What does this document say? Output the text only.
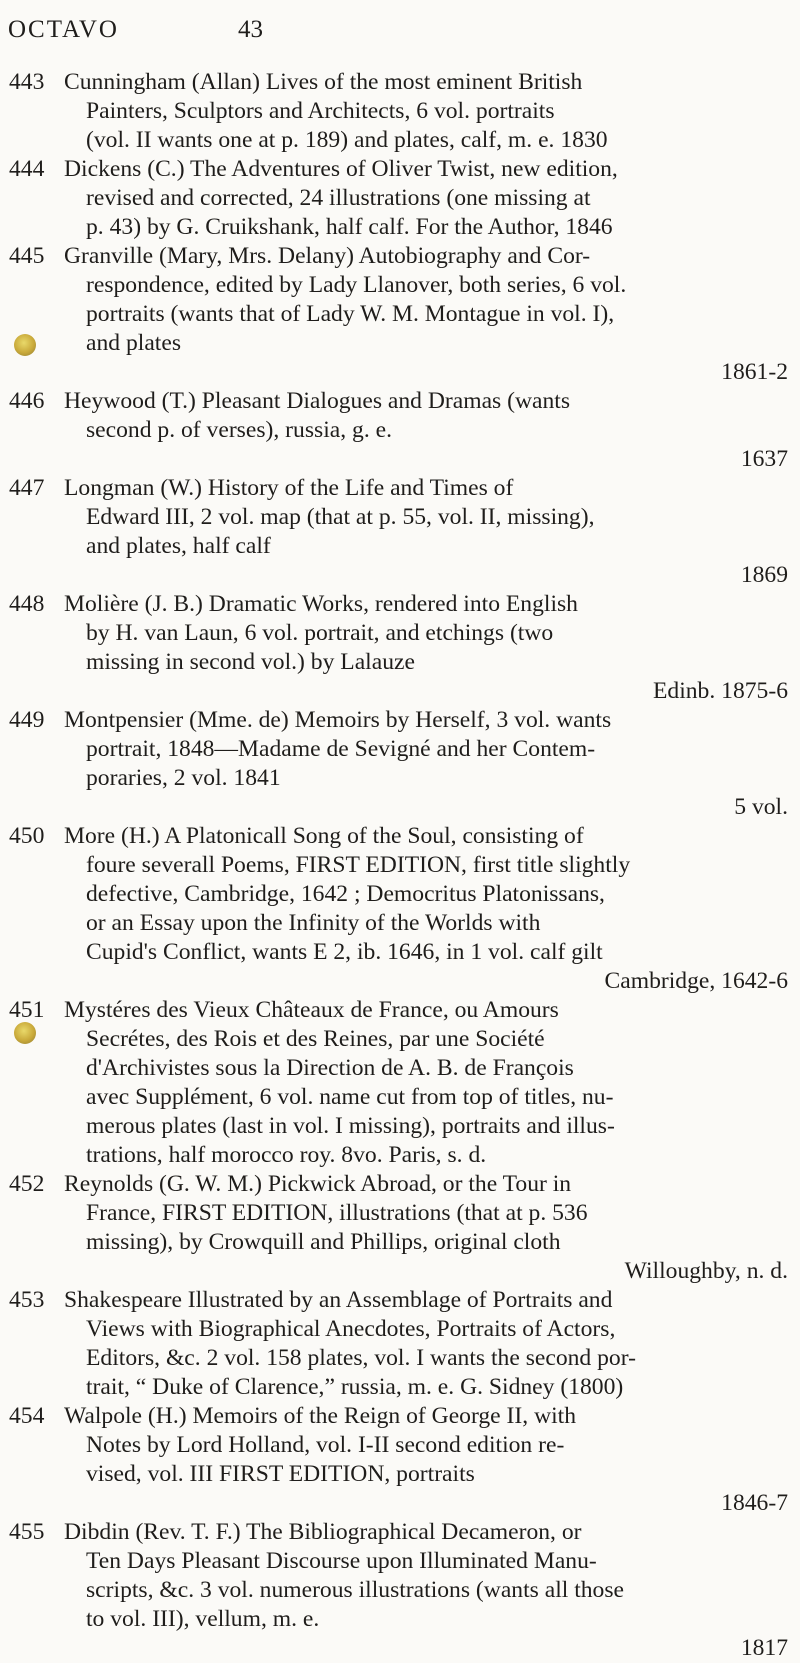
OCTAVO	43
443 Cunningham (Allan) Lives of the most eminent British
Painters, Sculptors and Architects, 6 vol. portraits
(vol. II wants one at p. 189) and plates, calf, m. e. 1830
444 Dickens (C.) The Adventures of Oliver Twist, new edition,
revised and corrected, 24 illustrations (one missing at
p. 43) by G. Cruikshank, half calf. For the Author, 1846
445 Granville (Mary, Mrs. Delany) Autobiography and Cor-
respondence, edited by Lady Llanover, both series, 6 vol.
portraits (wants that of Lady W. M. Montague in vol. I),
and plates
1861-2
446 Heywood (T.) Pleasant Dialogues and Dramas (wants
second p. of verses), russia, g. e.
1637
447 Longman (W.) History of the Life and Times of
Edward III, 2 vol. map (that at p. 55, vol. II, missing),
and plates, half calf
1869
448 Molière (J. B.) Dramatic Works, rendered into English
by H. van Laun, 6 vol. portrait, and etchings (two
missing in second vol.) by Lalauze
Edinb. 1875-6
449 Montpensier (Mme. de) Memoirs by Herself, 3 vol. wants
portrait, 1848—Madame de Sevigné and her Contem-
poraries, 2 vol. 1841
5 vol.
450 More (H.) A Platonicall Song of the Soul, consisting of
foure severall Poems, FIRST EDITION, first title slightly
defective, Cambridge, 1642 ; Democritus Platonissans,
or an Essay upon the Infinity of the Worlds with
Cupid's Conflict, wants E 2, ib. 1646, in 1 vol. calf gilt
Cambridge, 1642-6
451 Mystéres des Vieux Châteaux de France, ou Amours
Secrétes, des Rois et des Reines, par une Société
d'Archivistes sous la Direction de A. B. de François
avec Supplément, 6 vol. name cut from top of titles, nu-
merous plates (last in vol. I missing), portraits and illus-
trations, half morocco roy. 8vo. Paris, s. d.
452 Reynolds (G. W. M.) Pickwick Abroad, or the Tour in
France, FIRST EDITION, illustrations (that at p. 536
missing), by Crowquill and Phillips, original cloth
Willoughby, n. d.
453 Shakespeare Illustrated by an Assemblage of Portraits and
Views with Biographical Anecdotes, Portraits of Actors,
Editors, &c. 2 vol. 158 plates, vol. I wants the second por-
trait, “ Duke of Clarence,” russia, m. e. G. Sidney (1800)
454 Walpole (H.) Memoirs of the Reign of George II, with
Notes by Lord Holland, vol. I-II second edition re-
vised, vol. III FIRST EDITION, portraits
1846-7
455 Dibdin (Rev. T. F.) The Bibliographical Decameron, or
Ten Days Pleasant Discourse upon Illuminated Manu-
scripts, &c. 3 vol. numerous illustrations (wants all those
to vol. III), vellum, m. e.
1817
